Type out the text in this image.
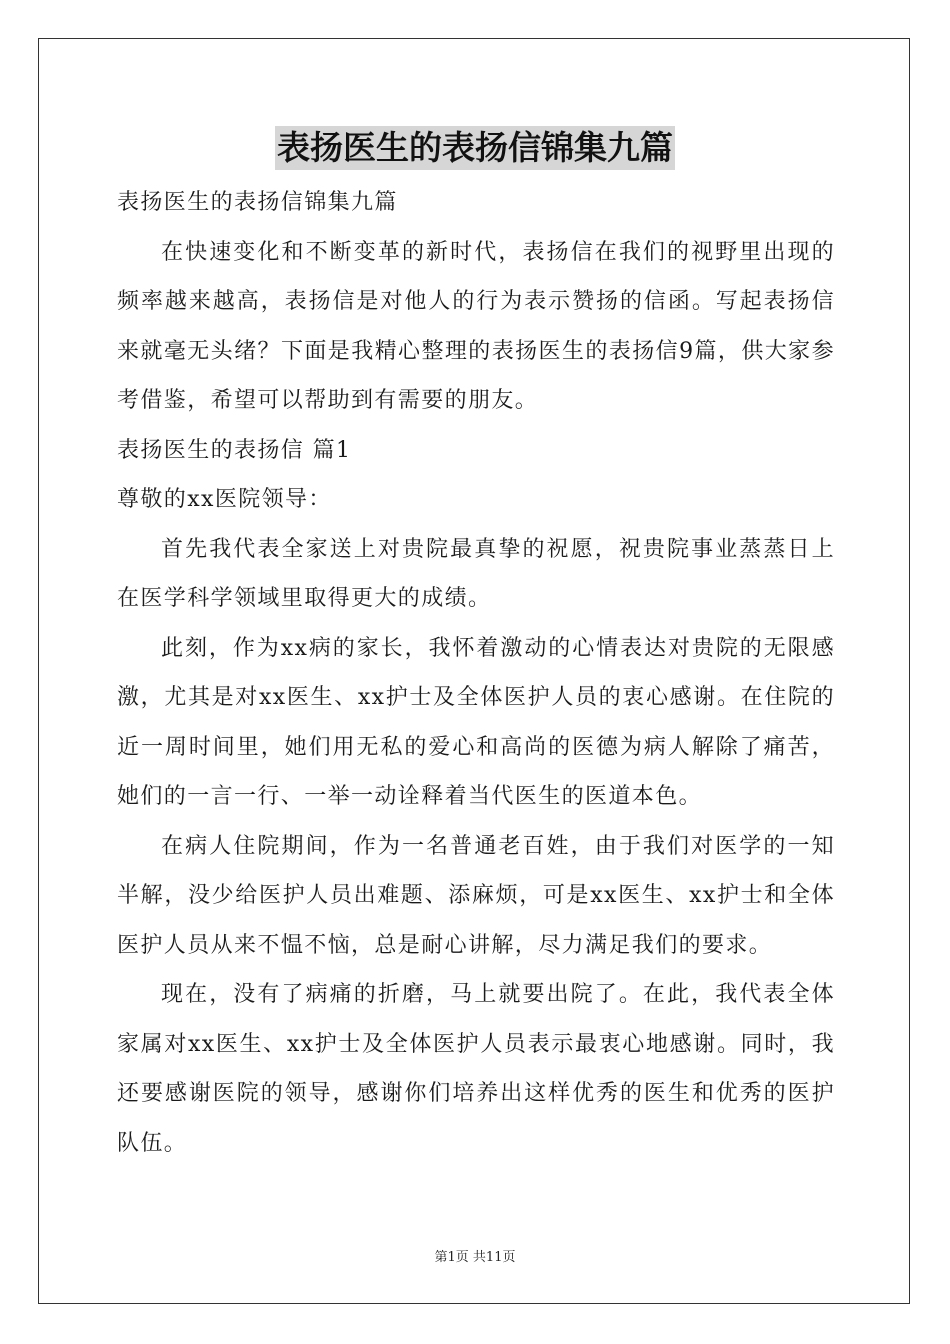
表扬医生的表扬信锦集九篇

表扬医生的表扬信锦集九篇

在快速变化和不断变革的新时代，表扬信在我们的视野里出现的频率越来越高，表扬信是对他人的行为表示赞扬的信函。写起表扬信来就毫无头绪？下面是我精心整理的表扬医生的表扬信9篇，供大家参考借鉴，希望可以帮助到有需要的朋友。

表扬医生的表扬信 篇1

尊敬的xx医院领导：

首先我代表全家送上对贵院最真挚的祝愿，祝贵院事业蒸蒸日上在医学科学领域里取得更大的成绩。

此刻，作为xx病的家长，我怀着激动的心情表达对贵院的无限感激，尤其是对xx医生、xx护士及全体医护人员的衷心感谢。在住院的近一周时间里，她们用无私的爱心和高尚的医德为病人解除了痛苦，她们的一言一行、一举一动诠释着当代医生的医道本色。

在病人住院期间，作为一名普通老百姓，由于我们对医学的一知半解，没少给医护人员出难题、添麻烦，可是xx医生、xx护士和全体医护人员从来不愠不恼，总是耐心讲解，尽力满足我们的要求。

现在，没有了病痛的折磨，马上就要出院了。在此，我代表全体家属对xx医生、xx护士及全体医护人员表示最衷心地感谢。同时，我还要感谢医院的领导，感谢你们培养出这样优秀的医生和优秀的医护队伍。

第1页 共11页
